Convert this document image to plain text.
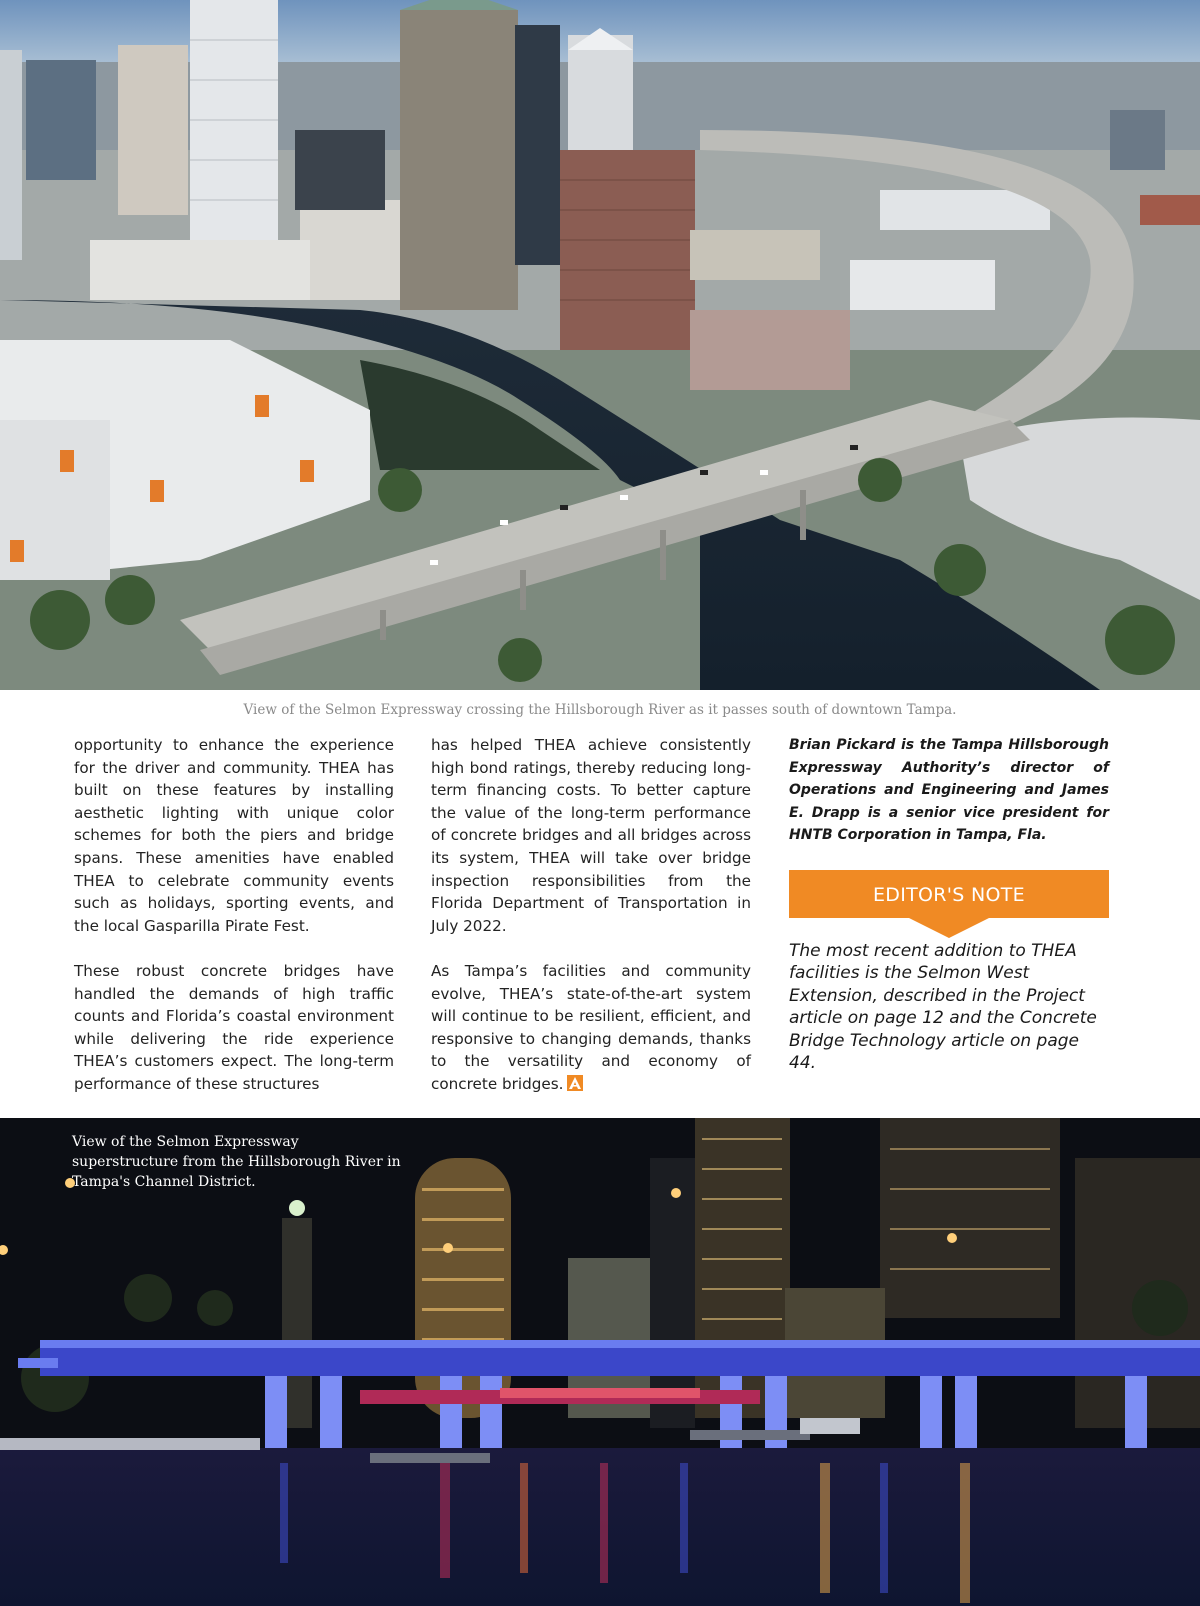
View of the Selmon Expressway crossing the Hillsborough River as it passes south of downtown Tampa.

opportunity to enhance the experience for the driver and community. THEA has built on these features by installing aesthetic lighting with unique color schemes for both the piers and bridge spans. These amenities have enabled THEA to celebrate community events such as holidays, sporting events, and the local Gasparilla Pirate Fest.

These robust concrete bridges have handled the demands of high traffic counts and Florida’s coastal environment while delivering the ride experience THEA’s customers expect. The long-term performance of these structures

has helped THEA achieve consistently high bond ratings, thereby reducing long-term financing costs. To better capture the value of the long-term performance of concrete bridges and all bridges across its system, THEA will take over bridge inspection responsibilities from the Florida Department of Transportation in July 2022.

As Tampa’s facilities and community evolve, THEA’s state-of-the-art system will continue to be resilient, efficient, and responsive to changing demands, thanks to the versatility and economy of concrete bridges.

Brian Pickard is the Tampa Hillsborough Expressway Authority’s director of Operations and Engineering and James E. Drapp is a senior vice president for HNTB Corporation in Tampa, Fla.

EDITOR'S NOTE

The most recent addition to THEA facilities is the Selmon West Extension, described in the Project article on page 12 and the Concrete Bridge Technology article on page 44.

View of the Selmon Expressway superstructure from the Hillsborough River in Tampa's Channel District.
